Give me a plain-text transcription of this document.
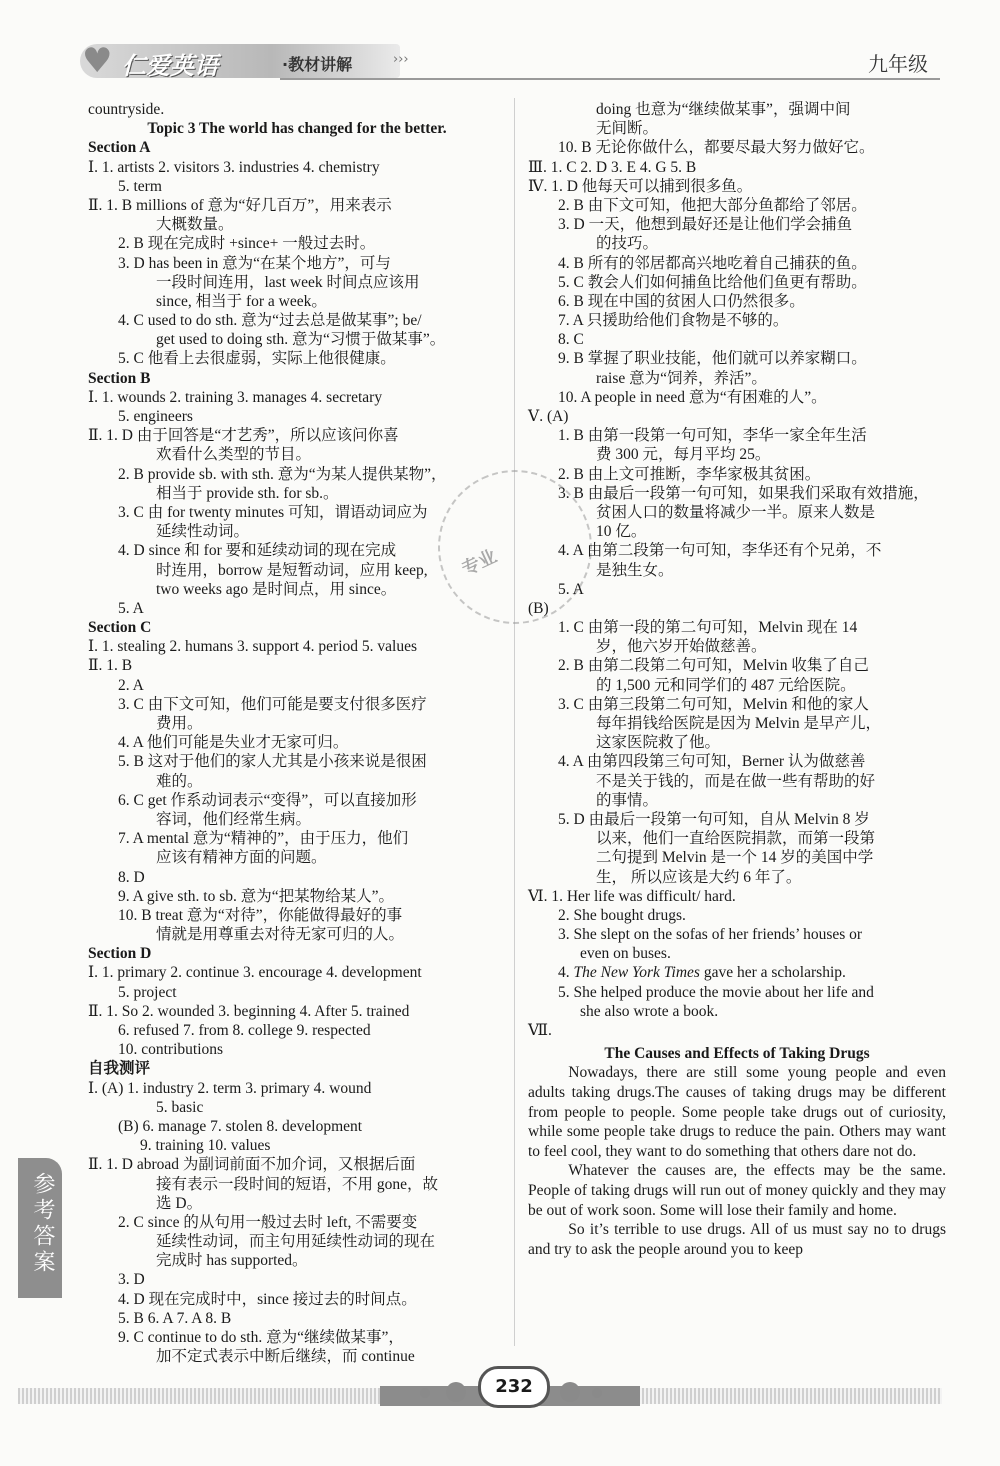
♥ 仁爱英语	·教材讲解	›››	九年级
专业
countryside.
Topic 3 The world has changed for the better.
Section A
Ⅰ. 1. artists 2. visitors 3. industries 4. chemistry
5. term
Ⅱ. 1. B millions of 意为“好几百万”，用来表示
大概数量。
2. B 现在完成时 +since+ 一般过去时。
3. D has been in 意为“在某个地方”，可与
一段时间连用，last week 时间点应该用
since, 相当于 for a week。
4. C used to do sth. 意为“过去总是做某事”; be/
get used to doing sth. 意为“习惯于做某事”。
5. C 他看上去很虚弱，实际上他很健康。
Section B
Ⅰ. 1. wounds 2. training 3. manages 4. secretary
5. engineers
Ⅱ. 1. D 由于回答是“才艺秀”，所以应该问你喜
欢看什么类型的节目。
2. B provide sb. with sth. 意为“为某人提供某物”，
相当于 provide sth. for sb.。
3. C 由 for twenty minutes 可知，谓语动词应为
延续性动词。
4. D since 和 for 要和延续动词的现在完成
时连用，borrow 是短暂动词，应用 keep,
two weeks ago 是时间点，用 since。
5. A
Section C
Ⅰ. 1. stealing 2. humans 3. support 4. period 5. values
Ⅱ. 1. B
2. A
3. C 由下文可知，他们可能是要支付很多医疗
费用。
4. A 他们可能是失业才无家可归。
5. B 这对于他们的家人尤其是小孩来说是很困
难的。
6. C get 作系动词表示“变得”，可以直接加形
容词，他们经常生病。
7. A mental 意为“精神的”，由于压力，他们
应该有精神方面的问题。
8. D
9. A give sth. to sb. 意为“把某物给某人”。
10. B treat 意为“对待”，你能做得最好的事
情就是用尊重去对待无家可归的人。
Section D
Ⅰ. 1. primary 2. continue 3. encourage 4. development
5. project
Ⅱ. 1. So 2. wounded 3. beginning 4. After 5. trained
6. refused 7. from 8. college 9. respected
10. contributions
自我测评
Ⅰ. (A) 1. industry 2. term 3. primary 4. wound
5. basic
(B) 6. manage 7. stolen 8. development
9. training 10. values
Ⅱ. 1. D abroad 为副词前面不加介词，又根据后面
接有表示一段时间的短语，不用 gone，故
选 D。
2. C since 的从句用一般过去时 left, 不需要变
延续性动词，而主句用延续性动词的现在
完成时 has supported。
3. D
4. D 现在完成时中，since 接过去的时间点。
5. B 6. A 7. A 8. B
9. C continue to do sth. 意为“继续做某事”，
加不定式表示中断后继续，而 continue
doing 也意为“继续做某事”，强调中间
无间断。
10. B 无论你做什么，都要尽最大努力做好它。
Ⅲ. 1. C 2. D 3. E 4. G 5. B
Ⅳ. 1. D 他每天可以捕到很多鱼。
2. B 由下文可知，他把大部分鱼都给了邻居。
3. D 一天，他想到最好还是让他们学会捕鱼
的技巧。
4. B 所有的邻居都高兴地吃着自己捕获的鱼。
5. C 教会人们如何捕鱼比给他们鱼更有帮助。
6. B 现在中国的贫困人口仍然很多。
7. A 只援助给他们食物是不够的。
8. C
9. B 掌握了职业技能，他们就可以养家糊口。
raise 意为“饲养，养活”。
10. A people in need 意为“有困难的人”。
Ⅴ. (A)
1. B 由第一段第一句可知，李华一家全年生活
费 300 元，每月平均 25。
2. B 由上文可推断，李华家极其贫困。
3. B 由最后一段第一句可知，如果我们采取有效措施，
贫困人口的数量将减少一半。原来人数是
10 亿。
4. A 由第二段第一句可知，李华还有个兄弟，不
是独生女。
5. A
(B)
1. C 由第一段的第二句可知，Melvin 现在 14
岁，他六岁开始做慈善。
2. B 由第二段第二句可知，Melvin 收集了自己
的 1,500 元和同学们的 487 元给医院。
3. C 由第三段第二句可知，Melvin 和他的家人
每年捐钱给医院是因为 Melvin 是早产儿，
这家医院救了他。
4. A 由第四段第三句可知，Berner 认为做慈善
不是关于钱的，而是在做一些有帮助的好
的事情。
5. D 由最后一段第一句可知，自从 Melvin 8 岁
以来，他们一直给医院捐款，而第一段第
二句提到 Melvin 是一个 14 岁的美国中学
生， 所以应该是大约 6 年了。
Ⅵ. 1. Her life was difficult/ hard.
2. She bought drugs.
3. She slept on the sofas of her friends’ houses or
even on buses.
4. The New York Times gave her a scholarship.
5. She helped produce the movie about her life and
she also wrote a book.
Ⅶ.
The Causes and Effects of Taking Drugs
Nowadays, there are still some young people and even adults taking drugs.The causes of taking drugs may be different from people to people. Some people take drugs out of curiosity, while some people take drugs to reduce the pain. Others may want to feel cool, they want to do something that others dare not do.
Whatever the causes are, the effects may be the same. People of taking drugs will run out of money quickly and they may be out of work soon. Some will lose their family and home.
So it’s terrible to use drugs. All of us must say no to drugs and try to ask the people around you to keep
参考答案
232
